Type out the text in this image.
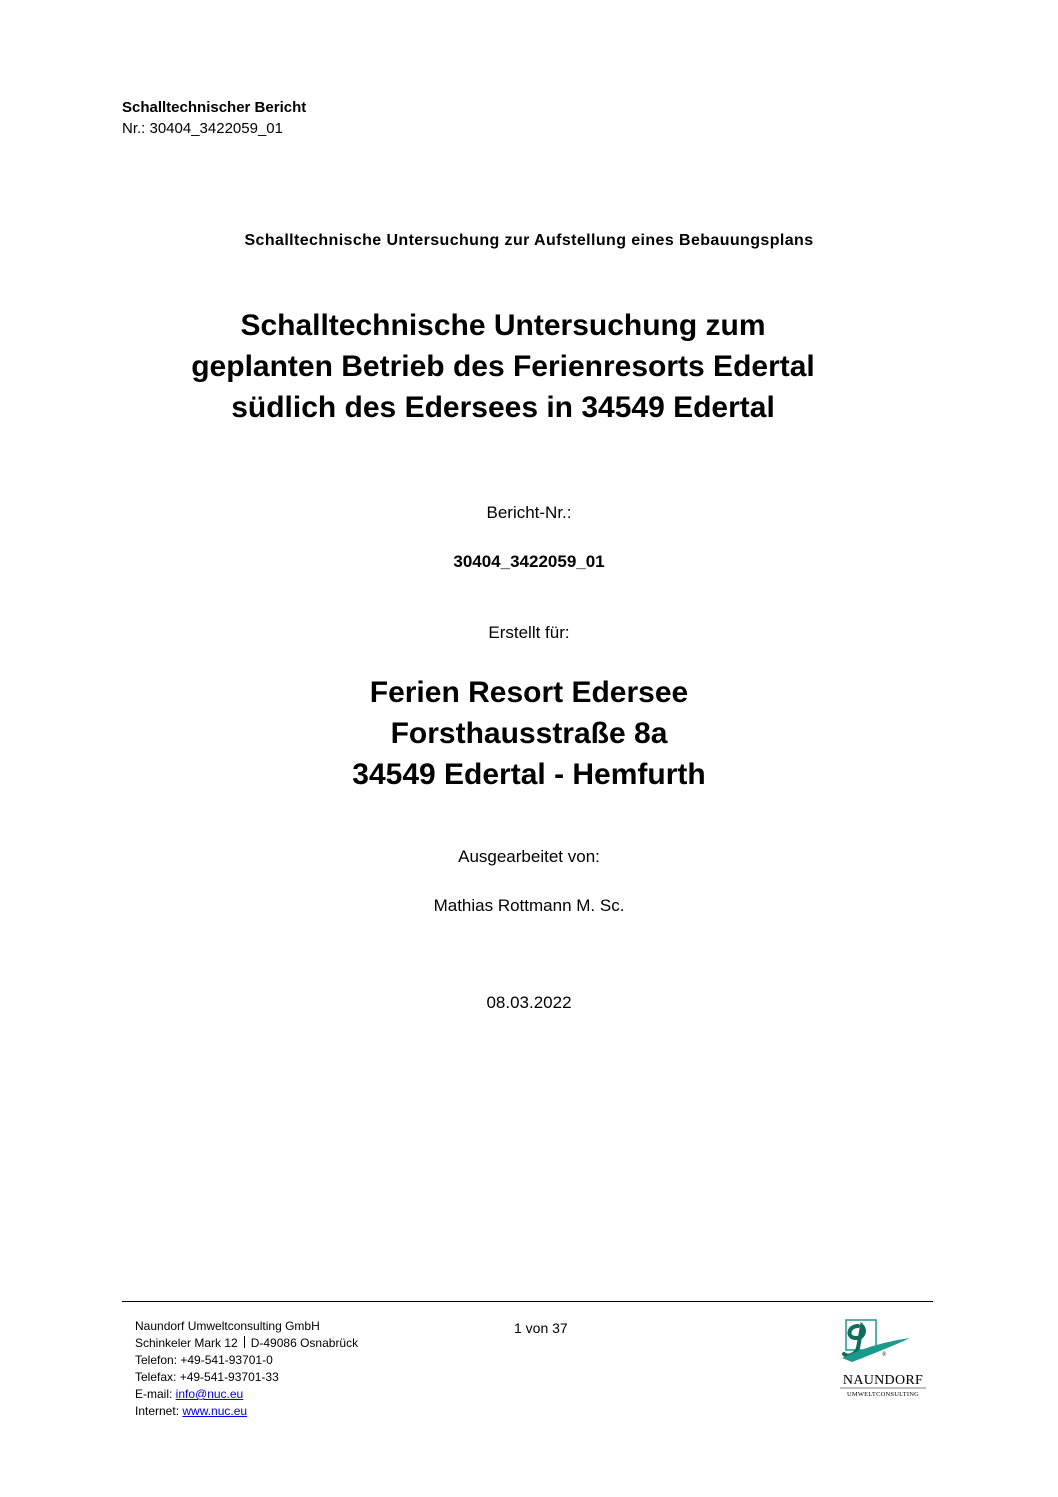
Schalltechnischer Bericht
Nr.: 30404_3422059_01
Schalltechnische Untersuchung zur Aufstellung eines Bebauungsplans
Schalltechnische Untersuchung zum
geplanten Betrieb des Ferienresorts Edertal
südlich des Edersees in 34549 Edertal
Bericht-Nr.:
30404_3422059_01
Erstellt für:
Ferien Resort Edersee
Forsthausstraße 8a
34549 Edertal - Hemfurth
Ausgearbeitet von:
Mathias Rottmann M. Sc.
08.03.2022
Naundorf Umweltconsulting GmbH
Schinkeler Mark 12 D-49086 Osnabrück
Telefon: +49-541-93701-0
Telefax: +49-541-93701-33
E-mail: info@nuc.eu
Internet: www.nuc.eu
1 von 37
®
NAUNDORF
UMWELTCONSULTING
